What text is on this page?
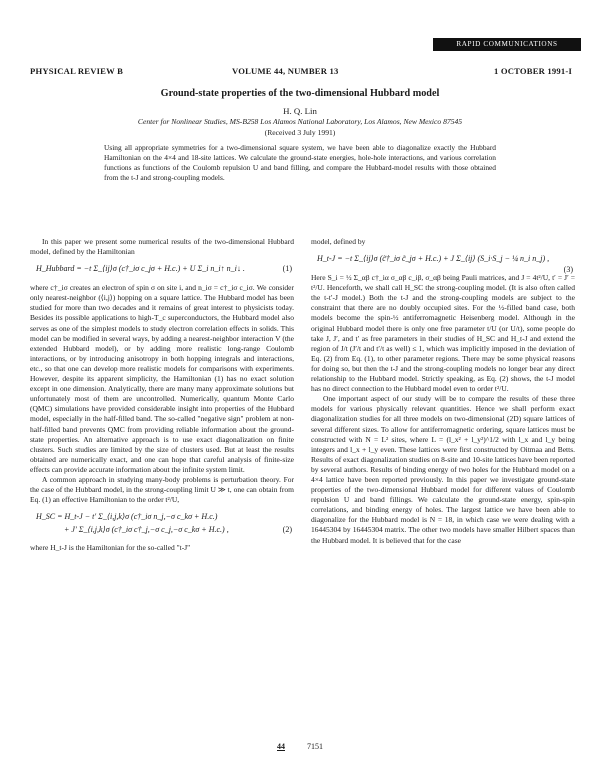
RAPID COMMUNICATIONS
PHYSICAL REVIEW B	VOLUME 44, NUMBER 13	1 OCTOBER 1991-I
Ground-state properties of the two-dimensional Hubbard model
H. Q. Lin
Center for Nonlinear Studies, MS-B258 Los Alamos National Laboratory, Los Alamos, New Mexico 87545
(Received 3 July 1991)
Using all appropriate symmetries for a two-dimensional square system, we have been able to diagonalize exactly the Hubbard Hamiltonian on the 4×4 and 18-site lattices. We calculate the ground-state energies, hole-hole interactions, and various correlation functions as functions of the Coulomb repulsion U and band filling, and compare the Hubbard-model results with those obtained from the t-J and strong-coupling models.

In this paper we present some numerical results of the two-dimensional Hubbard model, defined by the Hamiltonian

H_Hubbard = −t Σ_⟨ij⟩σ (c†_iσ c_jσ + H.c.) + U Σ_i n_i↑ n_i↓ .	(1)

where c†_iσ creates an electron of spin σ on site i, and n_iσ = c†_iσ c_iσ. We consider only nearest-neighbor (⟨i,j⟩) hopping on a square lattice. The Hubbard model has been studied for more than two decades and it remains of great interest to physicists today. Besides its possible applications to high-T_c superconductors, the Hubbard model also serves as one of the simplest models to study electron correlation effects in solids. This model can be modified in several ways, by adding a nearest-neighbor interaction V (the extended Hubbard model), or by adding more realistic long-range Coulomb interactions, or by introducing anisotropy in both hopping integrals and interactions, etc., so that one can develop more realistic models for comparisons with experiments. However, despite its apparent simplicity, the Hamiltonian (1) has no exact solution except in one dimension. Analytically, there are many many approximate solutions but unfortunately most of them are uncontrolled. Numerically, quantum Monte Carlo (QMC) simulations have provided considerable insight into properties of the Hubbard model, especially in the half-filled band. The so-called "negative sign" problem at non-half-filled band prevents QMC from providing reliable information about the ground-state properties. An alternative approach is to use exact diagonalization on finite clusters. Such studies are limited by the size of clusters used. But at least the results obtained are numerically exact, and one can hope that careful analysis of finite-size effects can provide accurate information about the infinite system limit.

A common approach in studying many-body problems is perturbation theory. For the case of the Hubbard model, in the strong-coupling limit U ≫ t, one can obtain from Eq. (1) an effective Hamiltonian to the order t²/U,

H_SC = H_t-J − t′ Σ_⟨i,j,k⟩σ (c†_iσ n_j,−σ c_kσ + H.c.)
+ J′ Σ_⟨i,j,k⟩σ (c†_iσ c†_j,−σ c_j,−σ c_kσ + H.c.) ,	(2)

where H_t-J is the Hamiltonian for the so-called "t-J"

model, defined by

H_t-J = −t Σ_⟨ij⟩σ (c̃†_iσ c̃_jσ + H.c.) + J Σ_⟨ij⟩ (S_i·S_j − ¼ n_i n_j) ,
(3)

Here S_i = ½ Σ_αβ c†_iα σ_αβ c_iβ, σ_αβ being Pauli matrices, and J = 4t²/U, t′ = J′ = t²/U. Henceforth, we shall call H_SC the strong-coupling model. (It is also often called the t-t′-J model.) Both the t-J and the strong-coupling models are subject to the constraint that there are no doubly occupied sites. For the ½-filled band case, both models become the spin-½ antiferromagnetic Heisenberg model. Although in the original Hubbard model there is only one free parameter t/U (or U/t), some people do take J, J′, and t′ as free parameters in their studies of H_SC and H_t-J and extend the region of J/t (J′/t and t′/t as well) ≤ 1, which was implicitly imposed in the deviation of Eq. (2) from Eq. (1), to other parameter regions. There may be some physical reasons for doing so, but then the t-J and the strong-coupling models no longer bear any direct relationship to the Hubbard model. Strictly speaking, as Eq. (2) shows, the t-J model has no direct connection to the Hubbard model even to order t²/U.

One important aspect of our study will be to compare the results of these three models for various physically relevant quantities. Hence we shall perform exact diagonalization studies for all three models on two-dimensional (2D) square lattices of several different sizes. To allow for antiferromagnetic ordering, square lattices must be constructed with N = L² sites, where L = (l_x² + l_y²)^1/2 with l_x and l_y being integers and l_x + l_y even. These lattices were first constructed by Oitmaa and Betts. Results of exact diagonalization studies on 8-site and 10-site lattices have been reported by several authors. Results of binding energy of two holes for the Hubbard model on a 4×4 lattice have been reported previously. In this paper we investigate ground-state properties of the two-dimensional Hubbard model for different values of Coulomb repulsion U and band fillings. We calculate the ground-state energy, spin-spin correlations, and binding energy of holes. The largest lattice we have been able to diagonalize for the Hubbard model is N = 18, in which case we were dealing with a 16445304 by 16445304 matrix. The other two models have smaller Hilbert spaces than the Hubbard model. It is believed that for the case

44	7151
